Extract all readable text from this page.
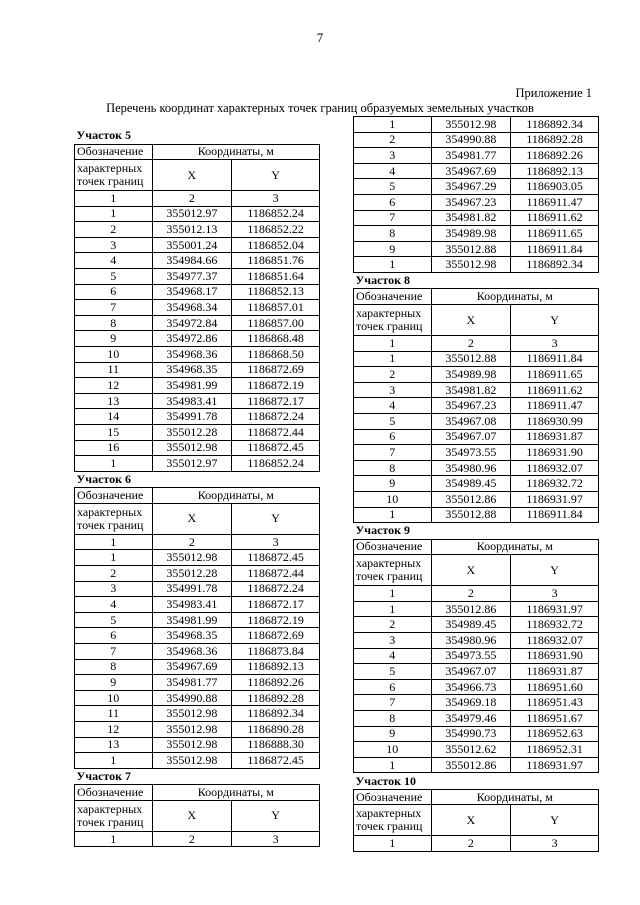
7
Приложение 1
Перечень координат характерных точек границ образуемых земельных участков
Участок 5		
Обозначение	Координаты, м	
характерных точек границ	X	Y
1	2	3
1	355012.97	1186852.24
2	355012.13	1186852.22
3	355001.24	1186852.04
4	354984.66	1186851.76
5	354977.37	1186851.64
6	354968.17	1186852.13
7	354968.34	1186857.01
8	354972.84	1186857.00
9	354972.86	1186868.48
10	354968.36	1186868.50
11	354968.35	1186872.69
12	354981.99	1186872.19
13	354983.41	1186872.17
14	354991.78	1186872.24
15	355012.28	1186872.44
16	355012.98	1186872.45
1	355012.97	1186852.24
Участок 6		
Обозначение	Координаты, м	
характерных точек границ	X	Y
1	2	3
1	355012.98	1186872.45
2	355012.28	1186872.44
3	354991.78	1186872.24
4	354983.41	1186872.17
5	354981.99	1186872.19
6	354968.35	1186872.69
7	354968.36	1186873.84
8	354967.69	1186892.13
9	354981.77	1186892.26
10	354990.88	1186892.28
11	355012.98	1186892.34
12	355012.98	1186890.28
13	355012.98	1186888.30
1	355012.98	1186872.45
Участок 7		
Обозначение	Координаты, м	
характерных точек границ	X	Y
1	2	3
1	355012.98	1186892.34
2	354990.88	1186892.28
3	354981.77	1186892.26
4	354967.69	1186892.13
5	354967.29	1186903.05
6	354967.23	1186911.47
7	354981.82	1186911.62
8	354989.98	1186911.65
9	355012.88	1186911.84
1	355012.98	1186892.34
Участок 8		
Обозначение	Координаты, м	
характерных точек границ	X	Y
1	2	3
1	355012.88	1186911.84
2	354989.98	1186911.65
3	354981.82	1186911.62
4	354967.23	1186911.47
5	354967.08	1186930.99
6	354967.07	1186931.87
7	354973.55	1186931.90
8	354980.96	1186932.07
9	354989.45	1186932.72
10	355012.86	1186931.97
1	355012.88	1186911.84
Участок 9		
Обозначение	Координаты, м	
характерных точек границ	X	Y
1	2	3
1	355012.86	1186931.97
2	354989.45	1186932.72
3	354980.96	1186932.07
4	354973.55	1186931.90
5	354967.07	1186931.87
6	354966.73	1186951.60
7	354969.18	1186951.43
8	354979.46	1186951.67
9	354990.73	1186952.63
10	355012.62	1186952.31
1	355012.86	1186931.97
Участок 10		
Обозначение	Координаты, м	
характерных точек границ	X	Y
1	2	3
